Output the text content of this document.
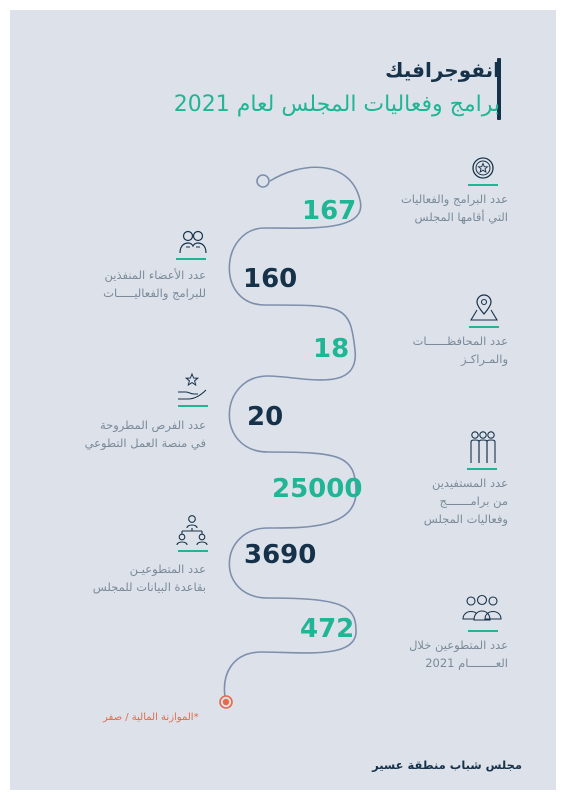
انفوجرافيك
برامج وفعاليات المجلس لعام 2021
167
160
18
20
25000
3690
472
عدد البرامج والفعاليات
التي أقامها المجلس
عدد الأعضاء المنفذين
للبرامج والفعاليـــــات
عدد المحافظــــــات
والمـراكـز
عدد الفرص المطروحة
في منصة العمل التطوعي
عدد المستفيدين
من برامـــــــج
وفعاليات المجلس
عدد المتطوعيـن
بقاعدة البيانات للمجلس
عدد المتطوعين خلال
العــــــــام 2021
*الموازنة المالية / صفر
مجلس شباب منطقة عسير
